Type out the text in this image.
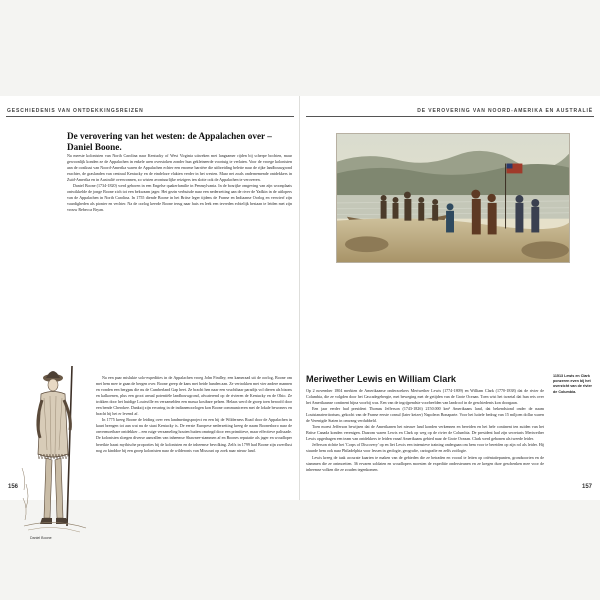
GESCHIEDENIS VAN ONTDEKKINGSREIZEN
De verovering van het westen: de Appalachen over – Daniel Boone.

Na meeste kolonisten van North Carolina naar Kentucky of West Virginia uitweken met langzamer rijden bij scherpe bochten, maar gewoonlijk konden ze de Appalachen in enkele uren overstoken zonder hun gekleineerde voortuig te verlaten. Voor de vroege kolonisten aan de oostkust van Noord-Amerika waren de Appalachen echter een enorme barrière die uitbreiding belette naar de rijke landbouwgrond erachter, de graslanden van centraal Kentucky en de eindeloze vlakten verder in het westen. Maar net zoals ondernemende ontdekkers in Zuid-Amerika en in Australië overwonnen, zo wisten avontuurlijke reizigers ten slotte ook de Appalachen te veroveren.

Daniel Boone (1734-1820) werd geboren in een Engelse quakerfamilie in Pennsylvania. In de bosrijke omgeving van zijn woonplaats ontwikkelde de jonge Boone zich tot een bekwaam jager. Het gezin verhuisde naar een nederzetting aan de river de Yadkin in de uitlopers van de Appalachen in North Carolina. In 1755 diende Boone in het Britse leger tijdens de Franse en Indiaanse Oorlog en verwierf zijn vaardigheden als pionier en vechter. Na de oorlog keerde Boone terug naar huis en leek een tevreden echtelijk bestaan te leiden met zijn vrouw Rebecca Bryan.

Na een paar mislukte solo-expedities in de Appalachen vroeg John Findley, een kameraad uit de oorlog, Boone om met hem mee te gaan de bergen over. Boone greep de kans met beide handen aan. Ze vertrokken met vier andere mannen en vonden een bergpas die nu de Cumberland Gap heet. Ze bracht hen naar een vruchtbaar paradijs vol dieren als bizons en kalkoenen, plus een groot areaal potentiële landbouwgrond, afwaterend op de rivieren de Kentucky en de Ohio. Ze trokken door het huidige Louisville en verzamelden een massa kostbare pelzen. Helaas werd de groep toen beroofd door een bende Cherokee. Dankzij zijn ervaring in de indianenoorlogen kon Boone communiceren met de lokale bewoners en bracht hij het er levend af.

In 1775 kreeg Boone de leiding over een landmetingsproject en een hij de Wilderness Road door de Appalachen in kaart brengen tot aan wat nu de staat Kentucky is. De eerste Europese nederzetting kreeg de naam Boonesboro naar de onvermoeibare ontdekker – een ruige verzameling houten hutten omringd door een primitieve, maar effectieve palissade. De kolonisten sloegen diverse aanvallen van inheemse Shawnee-stammen af en Boones reputatie als jager en woudloper bereikte haast mythische proporties bij de kolonisten en de inheemse bevolking. Zelfs in 1799 had Boone zijn zwerflust nog zo kinddoe bij een groep kolonisten naar de wilderonis van Missouri op zoek naar nieuw land.

Daniel Boone
156
DE VEROVERING VAN NOORD-AMERIKA EN AUSTRALIË
Meriwether Lewis en William Clark	11513 Lewis en Clark ponzeren even bij het overzicht van de rivier de Columbia.

Op 2 november 1804 merkten de Amerikaanse onderzoekers Meriwether Lewis (1774-1809) en William Clark (1770-1838) dat de rivier de Columbia, die ze volgden door het Cascadegebergte, met beweging met de getijden van de Grote Oceaan. Toen wist het twaetal dat hun reis over het Amerikaanse continent bijna voorbij was. Een van de ingrijpendste voorbeelden van landroof in de geschiedenis kon doorgaan.

Een jaar eerder had president Thomas Jefferson (1743-1826) 2150.000 km² Amerikaans land, dat bekendstond onder de naam Louisianaterritorium, gekocht van de Franse eerste consul (later keizer) Napoleon Bonaparte. Voor het luttele bedrag van 15 miljoen dollar waren de Verenigde Staten in omvang verdubbeld.

Toen moest Jefferson bewijzen dat de Amerikanen het nieuwe land konden verkennen en bereiden en het hele continent ten zuiden van het Britse Canada konden verenigen. Daarom waren Lewis en Clark op weg op de rivier de Columbia. De president had zijn secretaris Meriwether Lewis opgedragen een team van ontdekkers te leiden vanaf Amerikaans gebied naar de Grote Oceaan. Clark werd gebonen als tweede leider.

Jefferson richtte het 'Corps of Discovery' op en liet Lewis een intensieve training ondergaan om hem voor te bereiden op zijn rol als leider. Hij stuurde hem ook naar Philadelphia voor lessen in geologie, geografie, cartografie en zelfs zoölogie.

Lewis kreeg de taak accurate kaarten te maken van de gebieden die ze betraden en vooral te letten op oriëntatiepunten, grondsoorten en de stammen die ze ontmoetten. 36 ervaren soldaten en woudlopers moesten de expeditie ondersteunen en ze kregen dure geschenken mee voor de inheemse volken die ze zouden tegenkomen.

157
